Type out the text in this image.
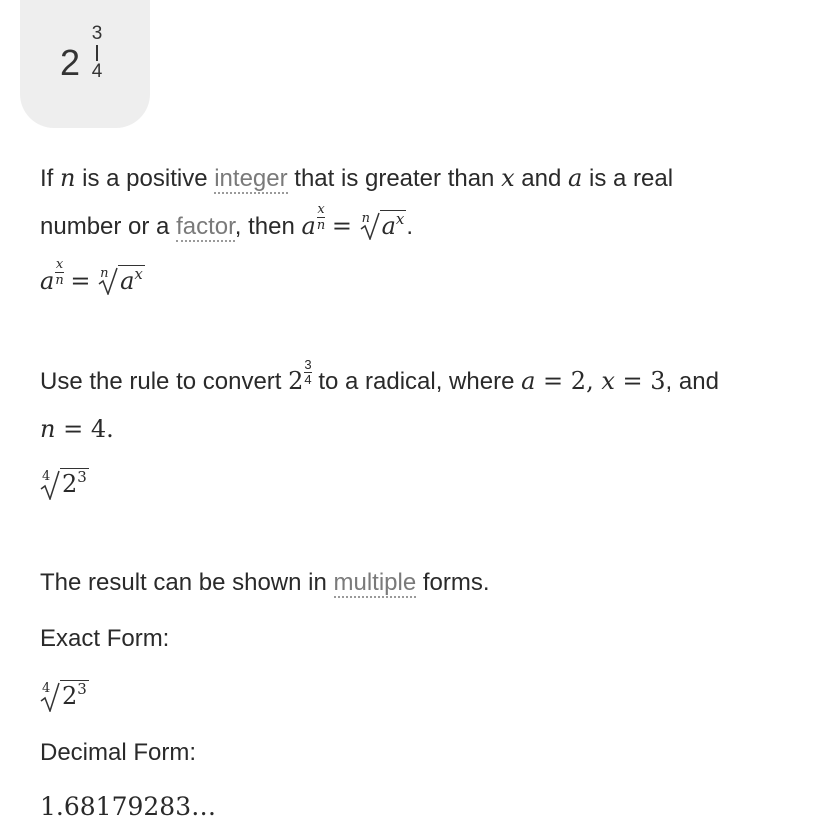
2
3
4
If n is a positive integer that is greater than x and a is a real
number or a factor, then $a\frac{x}{n} = n$ $a^x$.
$a\frac{x}{n} = n$ $a^x$
Use the rule to convert $2\frac{3}{4}$ to a radical, where a = 2, x = 3, and
n = 4.
4 $2^3$
The result can be shown in multiple forms.
Exact Form:
4 $2^3$
Decimal Form:
1.68179283…
